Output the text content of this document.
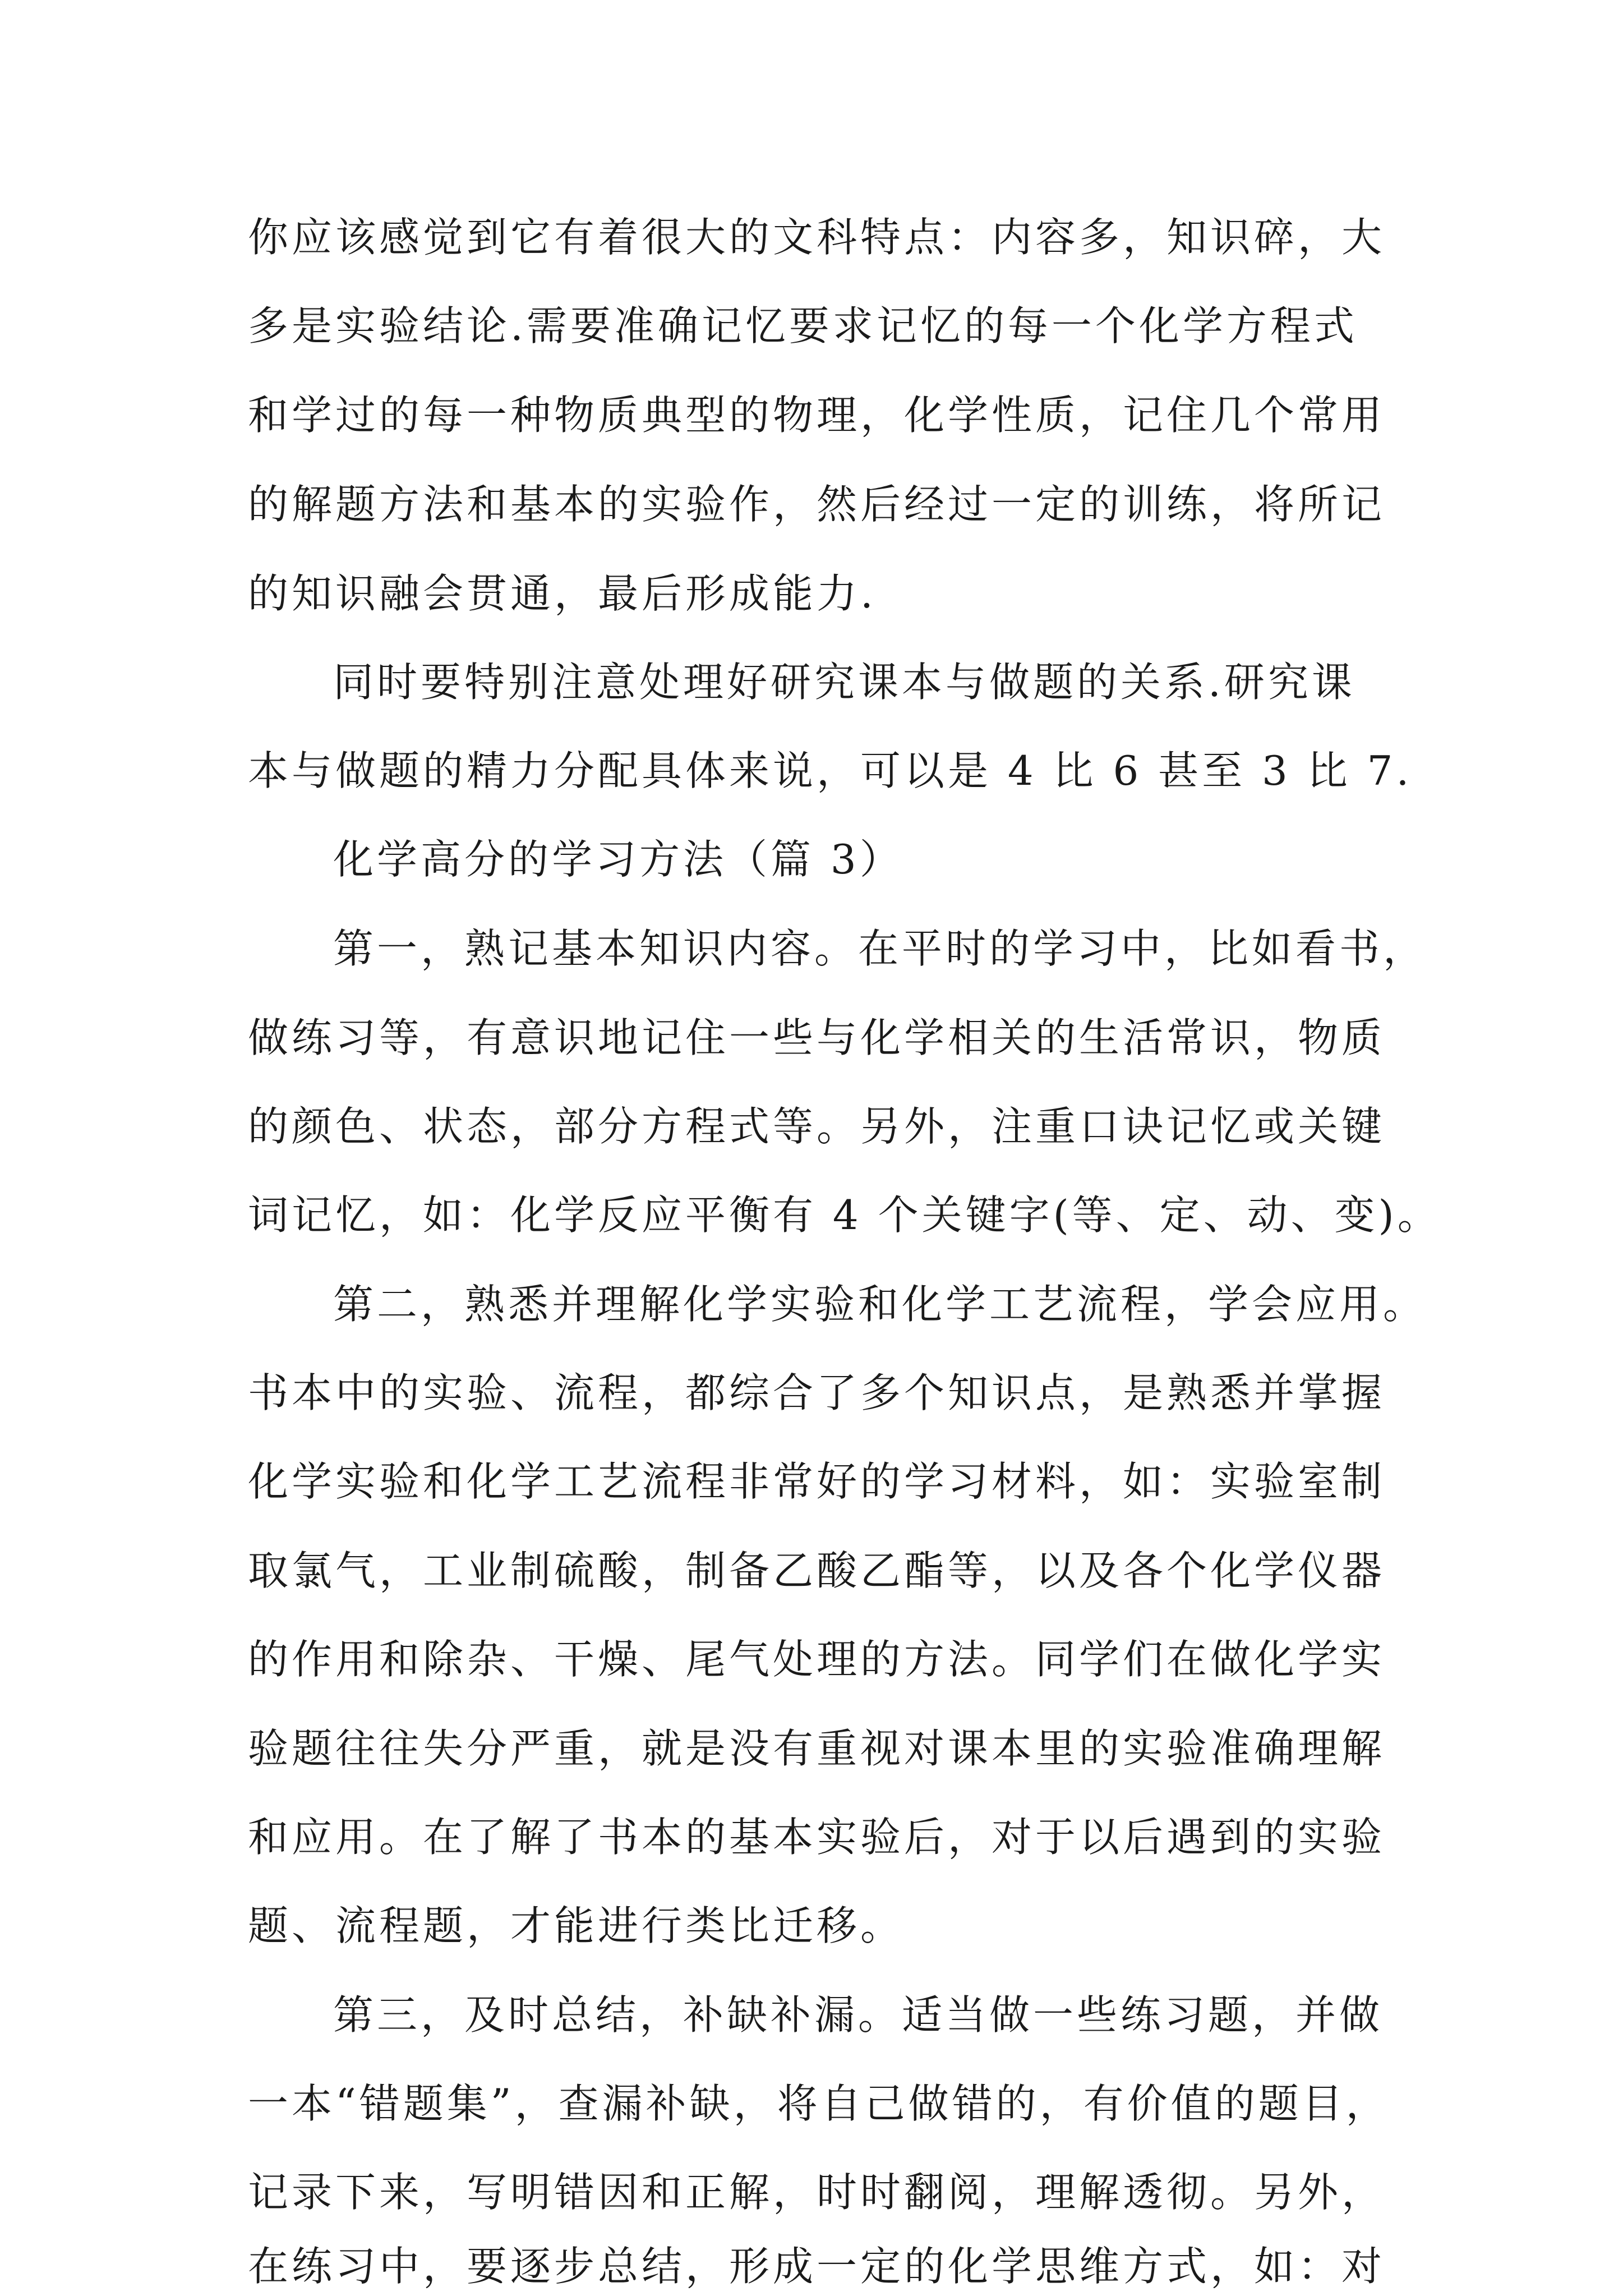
你应该感觉到它有着很大的文科特点：内容多，知识碎，大
多是实验结论.需要准确记忆要求记忆的每一个化学方程式
和学过的每一种物质典型的物理，化学性质，记住几个常用
的解题方法和基本的实验作，然后经过一定的训练，将所记
的知识融会贯通，最后形成能力.
同时要特别注意处理好研究课本与做题的关系.研究课
本与做题的精力分配具体来说，可以是 4 比 6 甚至 3 比 7.
化学高分的学习方法（篇 3）
第一，熟记基本知识内容。在平时的学习中，比如看书，
做练习等，有意识地记住一些与化学相关的生活常识，物质
的颜色、状态，部分方程式等。另外，注重口诀记忆或关键
词记忆，如：化学反应平衡有 4 个关键字(等、定、动、变)。
第二，熟悉并理解化学实验和化学工艺流程，学会应用。
书本中的实验、流程，都综合了多个知识点，是熟悉并掌握
化学实验和化学工艺流程非常好的学习材料，如：实验室制
取氯气，工业制硫酸，制备乙酸乙酯等，以及各个化学仪器
的作用和除杂、干燥、尾气处理的方法。同学们在做化学实
验题往往失分严重，就是没有重视对课本里的实验准确理解
和应用。在了解了书本的基本实验后，对于以后遇到的实验
题、流程题，才能进行类比迁移。
第三，及时总结，补缺补漏。适当做一些练习题，并做
一本“错题集”，查漏补缺，将自己做错的，有价值的题目，
记录下来，写明错因和正解，时时翻阅，理解透彻。另外，
在练习中，要逐步总结，形成一定的化学思维方式，如：对
